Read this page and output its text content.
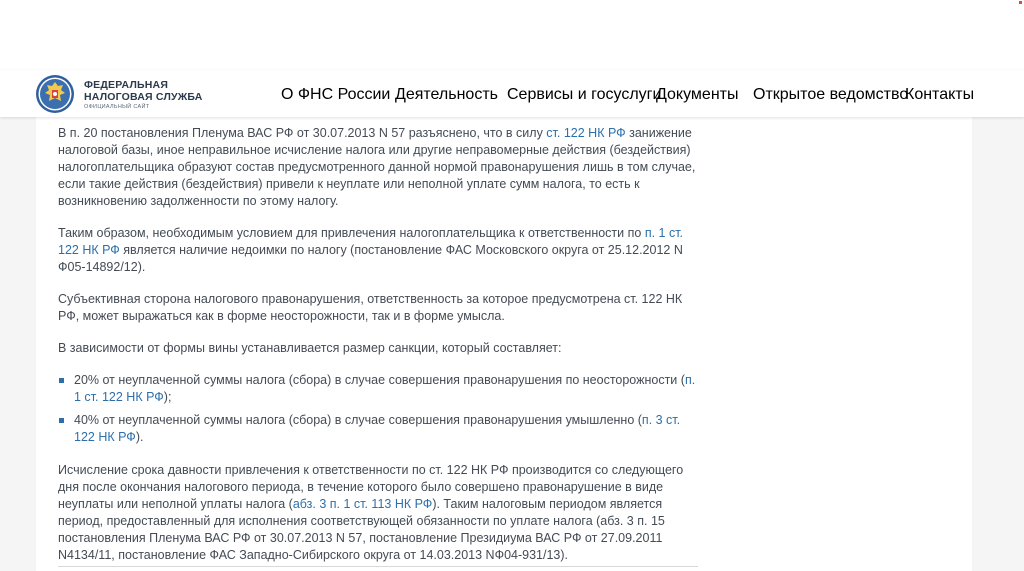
ФЕДЕРАЛЬНАЯ
НАЛОГОВАЯ СЛУЖБА
ОФИЦИАЛЬНЫЙ САЙТ
О ФНС России Деятельность Сервисы и госуслуги
Документы Открытое ведомство
Контакты

В п. 20 постановления Пленума ВАС РФ от 30.07.2013 N 57 разъяснено, что в силу ст. 122 НК РФ занижение налоговой базы, иное неправильное исчисление налога или другие неправомерные действия (бездействия) налогоплательщика образуют состав предусмотренного данной нормой правонарушения лишь в том случае, если такие действия (бездействия) привели к неуплате или неполной уплате сумм налога, то есть к возникновению задолженности по этому налогу.

Таким образом, необходимым условием для привлечения налогоплательщика к ответственности по п. 1 ст. 122 НК РФ является наличие недоимки по налогу (постановление ФАС Московского округа от 25.12.2012 N Ф05-14892/12).

Субъективная сторона налогового правонарушения, ответственность за которое предусмотрена ст. 122 НК РФ, может выражаться как в форме неосторожности, так и в форме умысла.

В зависимости от формы вины устанавливается размер санкции, который составляет:

20% от неуплаченной суммы налога (сбора) в случае совершения правонарушения по неосторожности (п. 1 ст. 122 НК РФ);
40% от неуплаченной суммы налога (сбора) в случае совершения правонарушения умышленно (п. 3 ст. 122 НК РФ).

Исчисление срока давности привлечения к ответственности по ст. 122 НК РФ производится со следующего дня после окончания налогового периода, в течение которого было совершено правонарушение в виде неуплаты или неполной уплаты налога (абз. 3 п. 1 ст. 113 НК РФ). Таким налоговым периодом является период, предоставленный для исполнения соответствующей обязанности по уплате налога (абз. 3 п. 15 постановления Пленума ВАС РФ от 30.07.2013 N 57, постановление Президиума ВАС РФ от 27.09.2011 N4134/11, постановление ФАС Западно-Сибирского округа от 14.03.2013 NФ04-931/13).
